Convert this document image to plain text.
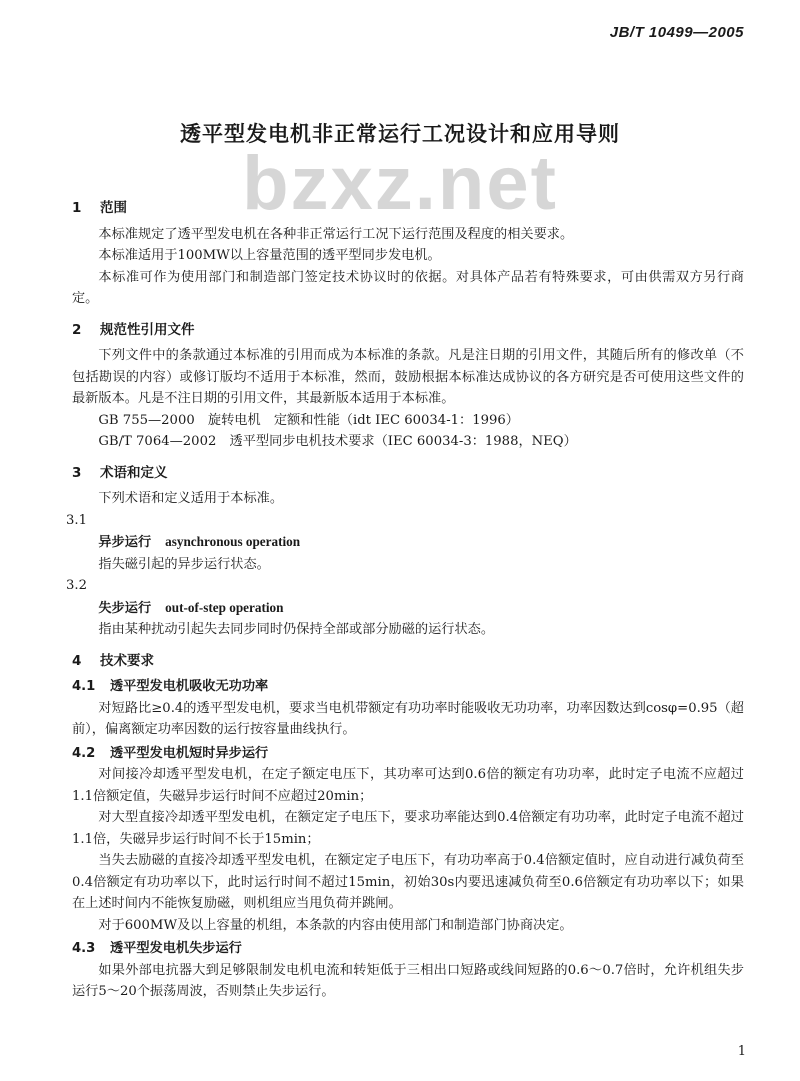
JB/T 10499—2005
透平型发电机非正常运行工况设计和应用导则
bzxz.net
1 范围
本标准规定了透平型发电机在各种非正常运行工况下运行范围及程度的相关要求。
本标准适用于100MW以上容量范围的透平型同步发电机。
本标准可作为使用部门和制造部门签定技术协议时的依据。对具体产品若有特殊要求，可由供需双方另行商定。
2 规范性引用文件
下列文件中的条款通过本标准的引用而成为本标准的条款。凡是注日期的引用文件，其随后所有的修改单（不包括勘误的内容）或修订版均不适用于本标准，然而，鼓励根据本标准达成协议的各方研究是否可使用这些文件的最新版本。凡是不注日期的引用文件，其最新版本适用于本标准。
GB 755—2000　旋转电机　定额和性能（idt IEC 60034-1：1996）
GB/T 7064—2002　透平型同步电机技术要求（IEC 60034-3：1988，NEQ）
3 术语和定义
下列术语和定义适用于本标准。
3.1
异步运行 asynchronous operation
指失磁引起的异步运行状态。
3.2
失步运行 out-of-step operation
指由某种扰动引起失去同步同时仍保持全部或部分励磁的运行状态。
4 技术要求
4.1 透平型发电机吸收无功功率
对短路比≥0.4的透平型发电机，要求当电机带额定有功功率时能吸收无功功率，功率因数达到cosφ=0.95（超前），偏离额定功率因数的运行按容量曲线执行。
4.2 透平型发电机短时异步运行
对间接冷却透平型发电机，在定子额定电压下，其功率可达到0.6倍的额定有功功率，此时定子电流不应超过1.1倍额定值，失磁异步运行时间不应超过20min；
对大型直接冷却透平型发电机，在额定定子电压下，要求功率能达到0.4倍额定有功功率，此时定子电流不超过1.1倍，失磁异步运行时间不长于15min；
当失去励磁的直接冷却透平型发电机，在额定定子电压下，有功功率高于0.4倍额定值时，应自动进行减负荷至0.4倍额定有功功率以下，此时运行时间不超过15min，初始30s内要迅速减负荷至0.6倍额定有功功率以下；如果在上述时间内不能恢复励磁，则机组应当甩负荷并跳闸。
对于600MW及以上容量的机组，本条款的内容由使用部门和制造部门协商决定。
4.3 透平型发电机失步运行
如果外部电抗器大到足够限制发电机电流和转矩低于三相出口短路或线间短路的0.6～0.7倍时，允许机组失步运行5～20个振荡周波，否则禁止失步运行。
1
